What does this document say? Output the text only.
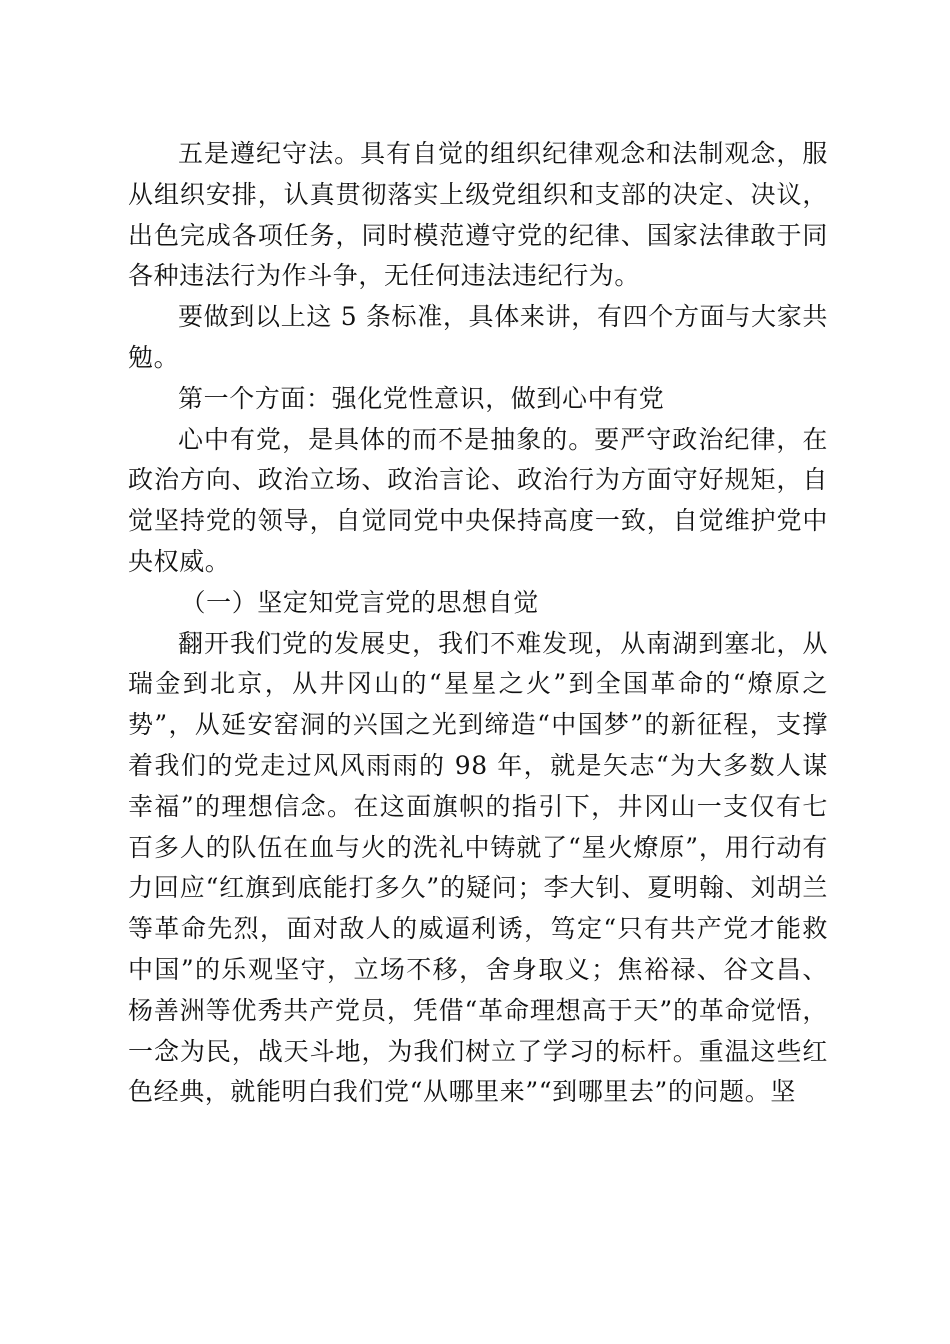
五是遵纪守法。具有自觉的组织纪律观念和法制观念，服从组织安排，认真贯彻落实上级党组织和支部的决定、决议，出色完成各项任务，同时模范遵守党的纪律、国家法律敢于同各种违法行为作斗争，无任何违法违纪行为。

要做到以上这 5 条标准，具体来讲，有四个方面与大家共勉。

第一个方面：强化党性意识，做到心中有党

心中有党，是具体的而不是抽象的。要严守政治纪律，在政治方向、政治立场、政治言论、政治行为方面守好规矩，自觉坚持党的领导，自觉同党中央保持高度一致，自觉维护党中央权威。

（一）坚定知党言党的思想自觉

翻开我们党的发展史，我们不难发现，从南湖到塞北，从瑞金到北京，从井冈山的“星星之火”到全国革命的“燎原之势”，从延安窑洞的兴国之光到缔造“中国梦”的新征程，支撑着我们的党走过风风雨雨的 98 年，就是矢志“为大多数人谋幸福”的理想信念。在这面旗帜的指引下，井冈山一支仅有七百多人的队伍在血与火的洗礼中铸就了“星火燎原”，用行动有力回应“红旗到底能打多久”的疑问；李大钊、夏明翰、刘胡兰等革命先烈，面对敌人的威逼利诱，笃定“只有共产党才能救中国”的乐观坚守，立场不移，舍身取义；焦裕禄、谷文昌、杨善洲等优秀共产党员，凭借“革命理想高于天”的革命觉悟，一念为民，战天斗地，为我们树立了学习的标杆。重温这些红色经典，就能明白我们党“从哪里来”“到哪里去”的问题。坚
